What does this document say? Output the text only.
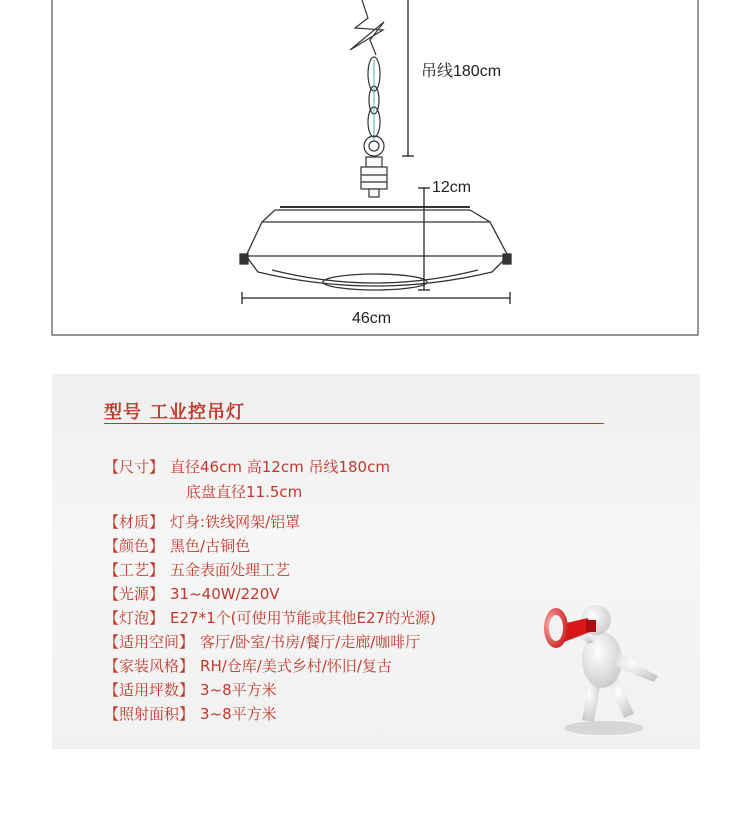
吊线180cm
12cm
46cm
型号 工业控吊灯
【尺寸】 直径46cm 高12cm 吊线180cm
底盘直径11.5cm
【材质】 灯身:铁线网架/铝罩
【颜色】 黑色/古铜色
【工艺】 五金表面处理工艺
【光源】 31~40W/220V
【灯泡】 E27*1个(可使用节能或其他E27的光源)
【适用空间】 客厅/卧室/书房/餐厅/走廊/咖啡厅
【家装风格】 RH/仓库/美式乡村/怀旧/复古
【适用坪数】 3~8平方米
【照射面积】 3~8平方米
